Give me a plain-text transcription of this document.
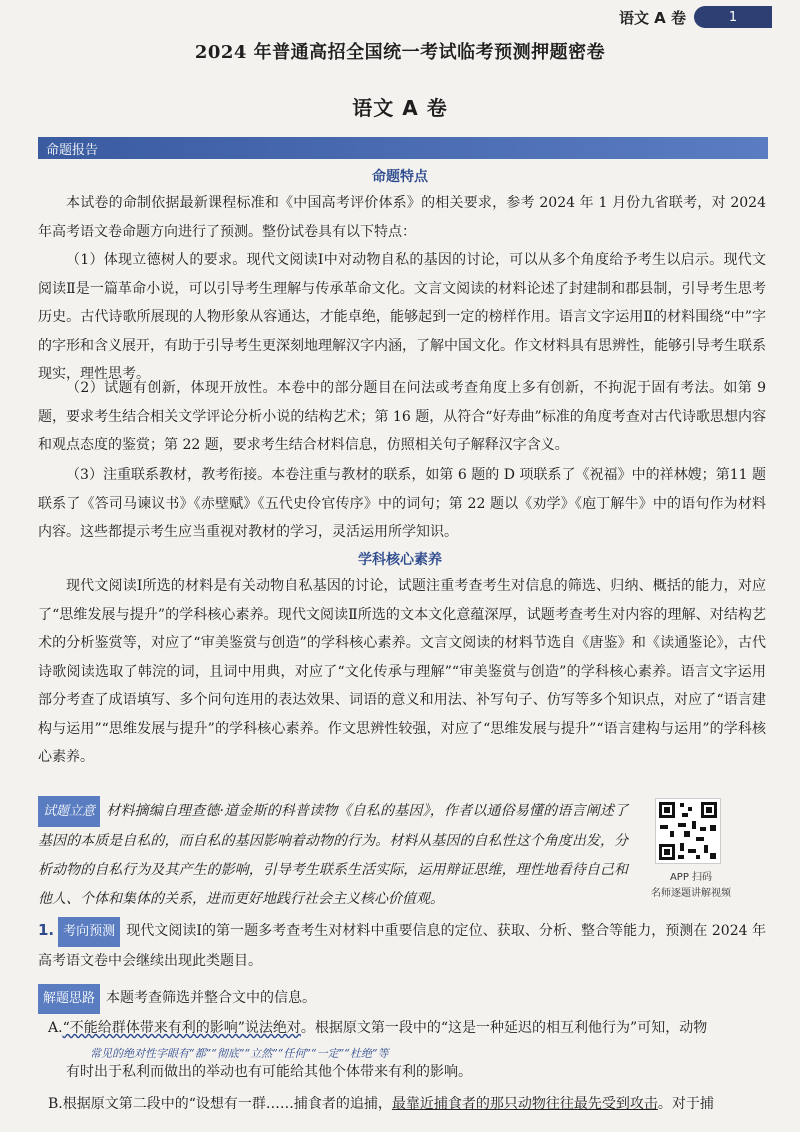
语文 A 卷	1
2024 年普通高招全国统一考试临考预测押题密卷
语文 A 卷
命题报告
命题特点
本试卷的命制依据最新课程标准和《中国高考评价体系》的相关要求，参考 2024 年 1 月份九省联考，对 2024 年高考语文卷命题方向进行了预测。整份试卷具有以下特点：
（1）体现立德树人的要求。现代文阅读Ⅰ中对动物自私的基因的讨论，可以从多个角度给予考生以启示。现代文阅读Ⅱ是一篇革命小说，可以引导考生理解与传承革命文化。文言文阅读的材料论述了封建制和郡县制，引导考生思考历史。古代诗歌所展现的人物形象从容通达，才能卓绝，能够起到一定的榜样作用。语言文字运用Ⅱ的材料围绕“中”字的字形和含义展开，有助于引导考生更深刻地理解汉字内涵，了解中国文化。作文材料具有思辨性，能够引导考生联系现实，理性思考。
（2）试题有创新，体现开放性。本卷中的部分题目在问法或考查角度上多有创新，不拘泥于固有考法。如第 9 题，要求考生结合相关文学评论分析小说的结构艺术；第 16 题，从符合“好寿曲”标准的角度考查对古代诗歌思想内容和观点态度的鉴赏；第 22 题，要求考生结合材料信息，仿照相关句子解释汉字含义。
（3）注重联系教材，教考衔接。本卷注重与教材的联系，如第 6 题的 D 项联系了《祝福》中的祥林嫂；第11 题联系了《答司马谏议书》《赤壁赋》《五代史伶官传序》中的词句；第 22 题以《劝学》《庖丁解牛》中的语句作为材料内容。这些都提示考生应当重视对教材的学习，灵活运用所学知识。
学科核心素养
现代文阅读Ⅰ所选的材料是有关动物自私基因的讨论，试题注重考查考生对信息的筛选、归纳、概括的能力，对应了“思维发展与提升”的学科核心素养。现代文阅读Ⅱ所选的文本文化意蕴深厚，试题考查考生对内容的理解、对结构艺术的分析鉴赏等，对应了“审美鉴赏与创造”的学科核心素养。文言文阅读的材料节选自《唐鉴》和《读通鉴论》，古代诗歌阅读选取了韩浣的词，且词中用典，对应了“文化传承与理解”“审美鉴赏与创造”的学科核心素养。语言文字运用部分考查了成语填写、多个问句连用的表达效果、词语的意义和用法、补写句子、仿写等多个知识点，对应了“语言建构与运用”“思维发展与提升”的学科核心素养。作文思辨性较强，对应了“思维发展与提升”“语言建构与运用”的学科核心素养。
试题立意 材料摘编自理查德·道金斯的科普读物《自私的基因》，作者以通俗易懂的语言阐述了基因的本质是自私的，而自私的基因影响着动物的行为。材料从基因的自私性这个角度出发，分析动物的自私行为及其产生的影响，引导考生联系生活实际，运用辩证思维，理性地看待自己和他人、个体和集体的关系，进而更好地践行社会主义核心价值观。
APP 扫码
名师逐题讲解视频
1. 考向预测 现代文阅读Ⅰ的第一题多考查考生对材料中重要信息的定位、获取、分析、整合等能力，预测在 2024 年高考语文卷中会继续出现此类题目。
解题思路 本题考查筛选并整合文中的信息。
A.“不能给群体带来有利的影响”说法绝对。根据原文第一段中的“这是一种延迟的相互利他行为”可知，动物
常见的绝对性字眼有“都”“彻底”“立然”“任何”“一定”“杜绝”等
有时出于私利而做出的举动也有可能给其他个体带来有利的影响。
B.根据原文第二段中的“设想有一群……捕食者的追捕，最靠近捕食者的那只动物往往最先受到攻击。对于捕
